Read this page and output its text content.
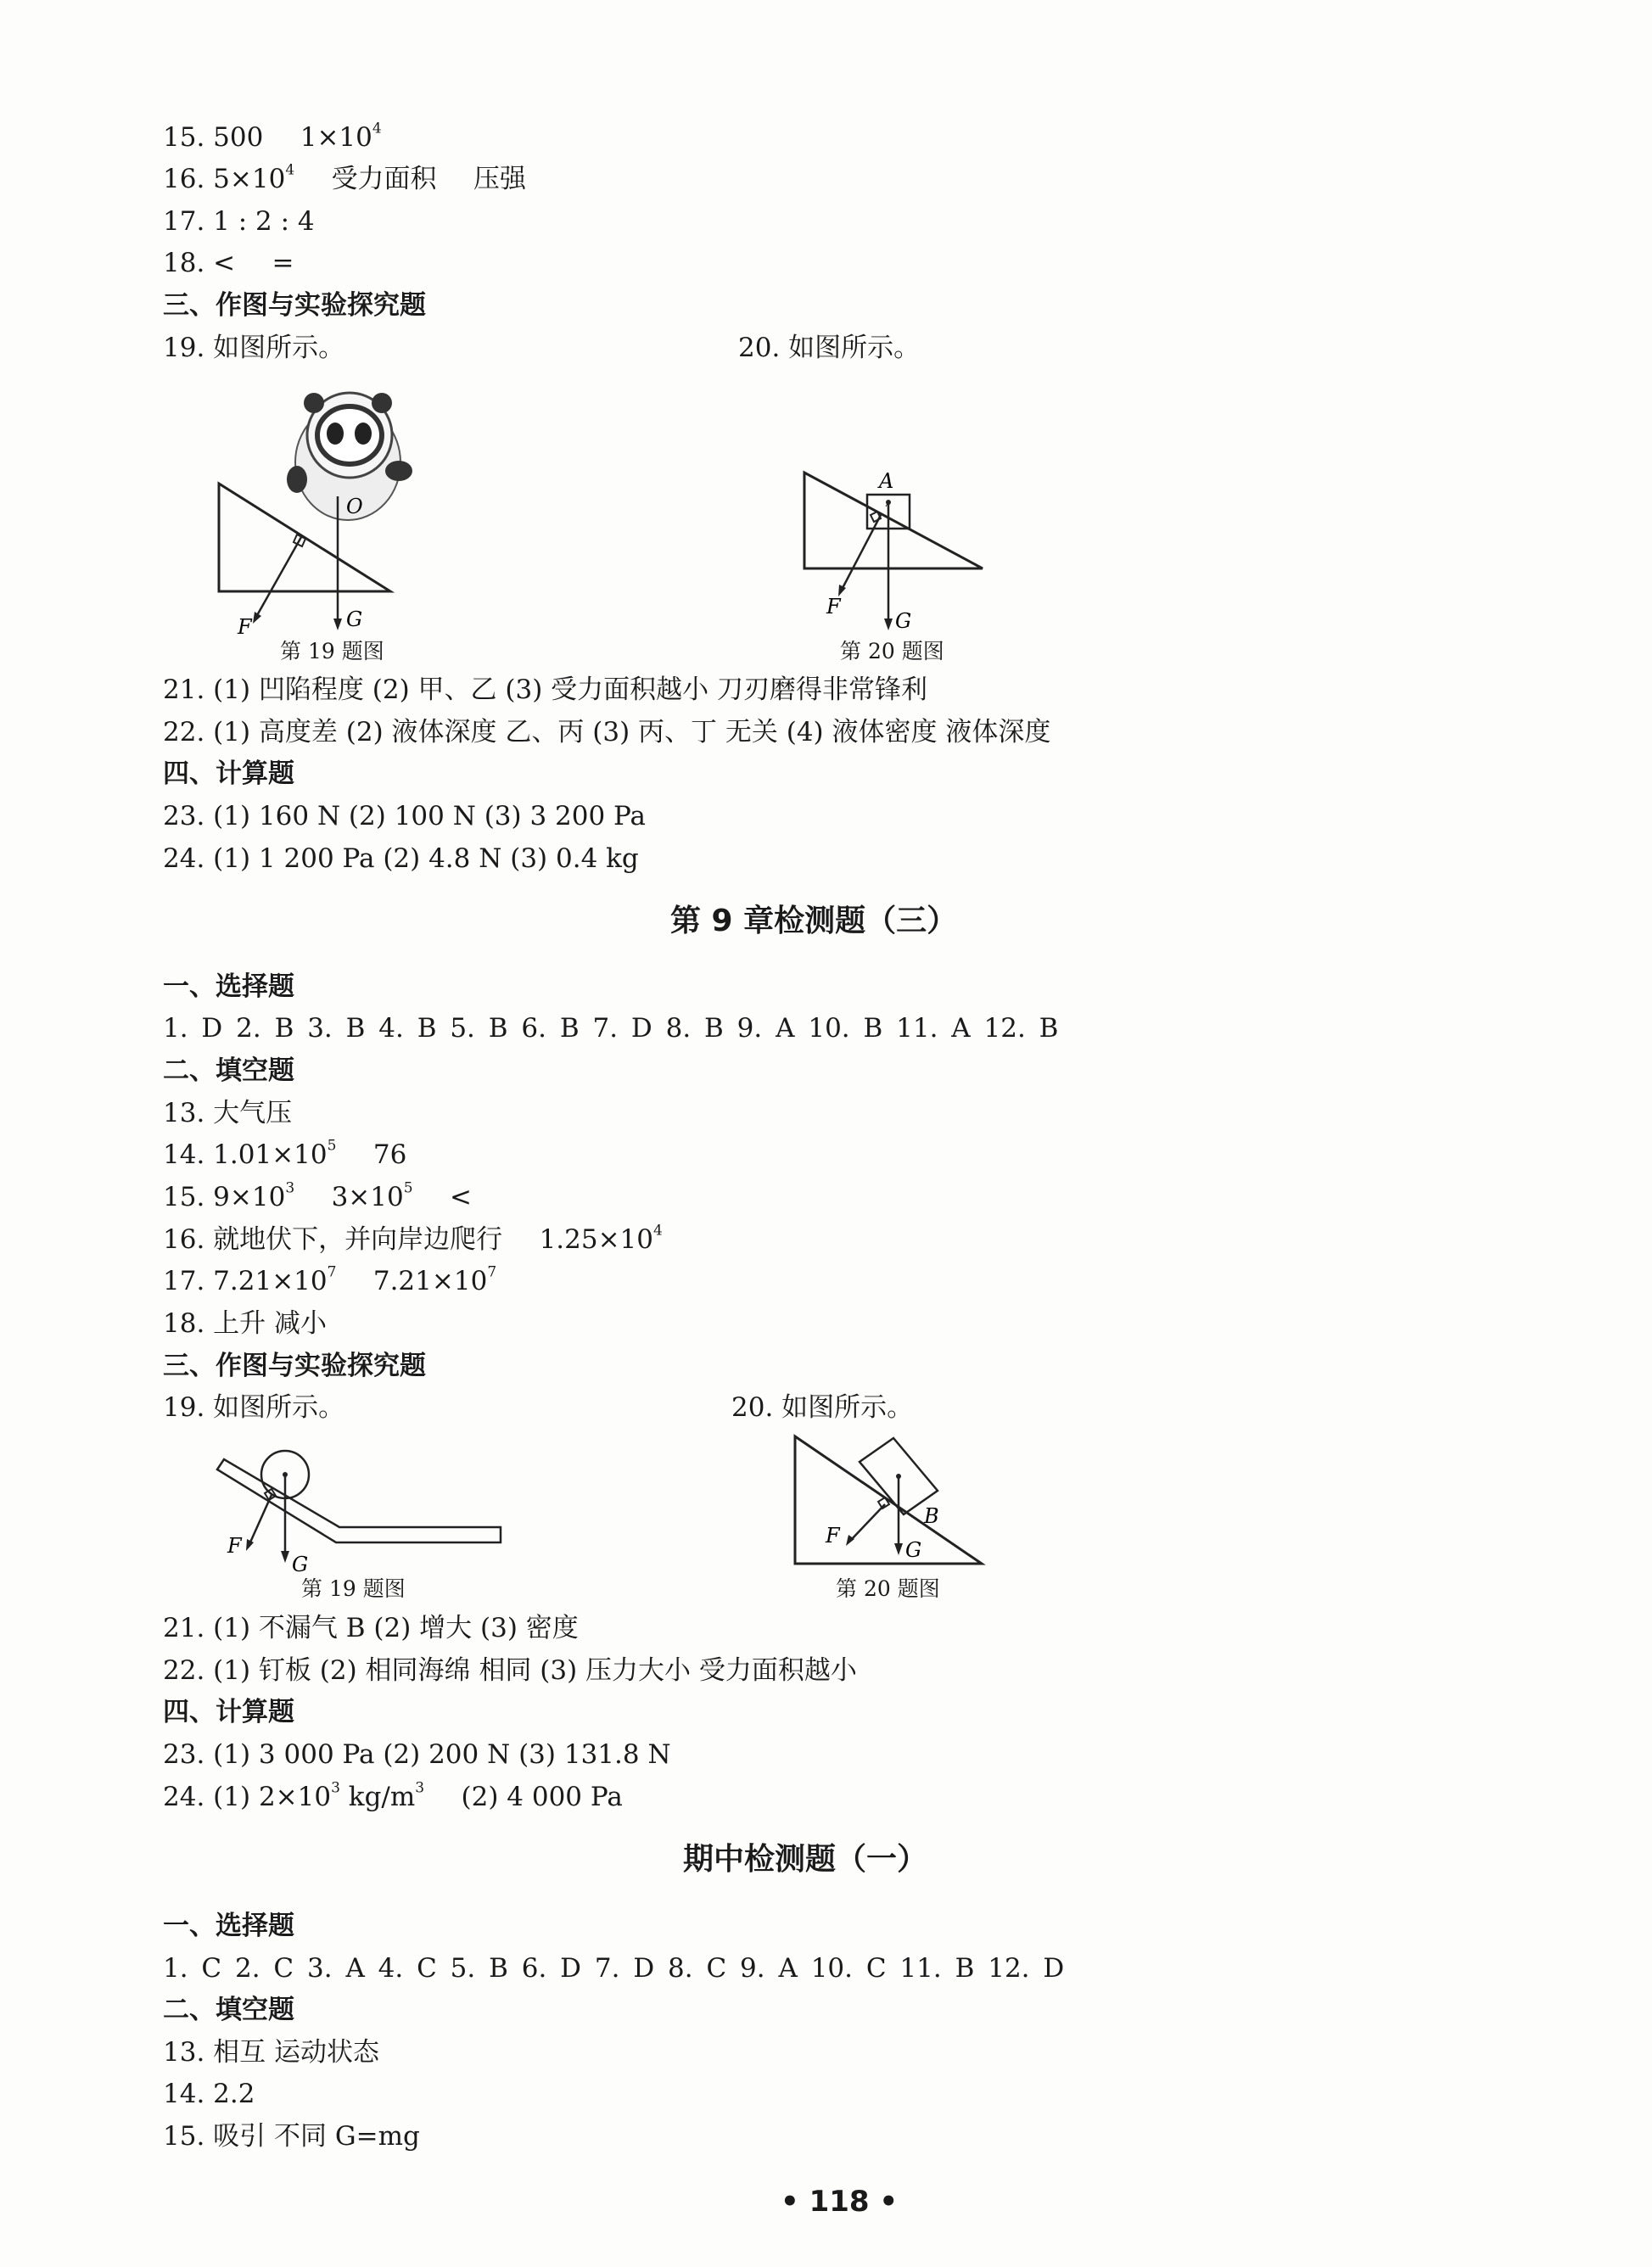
15. 500 $1\times 10^4$
16. $5\times 10^4$ 受力面积 压强
17. 1 : 2 : 4
18. < =
三、作图与实验探究题
19. 如图所示。	20. 如图所示。
O
F	G
第 19 题图
A
F
G
第 20 题图
21. (1) 凹陷程度 (2) 甲、乙 (3) 受力面积越小 刀刃磨得非常锋利
22. (1) 高度差 (2) 液体深度 乙、丙 (3) 丙、丁 无关 (4) 液体密度 液体深度
四、计算题
23. (1) 160 N (2) 100 N (3) 3 200 Pa
24. (1) 1 200 Pa (2) 4.8 N (3) 0.4 kg
第 9 章检测题（三）
一、选择题
1. D 2. B 3. B 4. B 5. B 6. B 7. D 8. B 9. A 10. B 11. A 12. B
二、填空题
13. 大气压
14. $1.01\times 10^5$ 76
15. $9\times 10^3$ $3\times 10^5$ <
16. 就地伏下，并向岸边爬行 $1.25\times 10^4$
17. $7.21\times 10^7$ $7.21\times 10^7$
18. 上升 减小
三、作图与实验探究题
19. 如图所示。	20. 如图所示。
F
G
第 19 题图
B
F
G
第 20 题图
21. (1) 不漏气 B (2) 增大 (3) 密度
22. (1) 钉板 (2) 相同海绵 相同 (3) 压力大小 受力面积越小
四、计算题
23. (1) 3 000 Pa (2) 200 N (3) 131.8 N
24. (1) $2\times 10^3$ $kg/m^3$ (2) 4 000 Pa
期中检测题（一）
一、选择题
1. C 2. C 3. A 4. C 5. B 6. D 7. D 8. C 9. A 10. C 11. B 12. D
二、填空题
13. 相互 运动状态
14. 2.2
15. 吸引 不同 G=mg
• 118 •
